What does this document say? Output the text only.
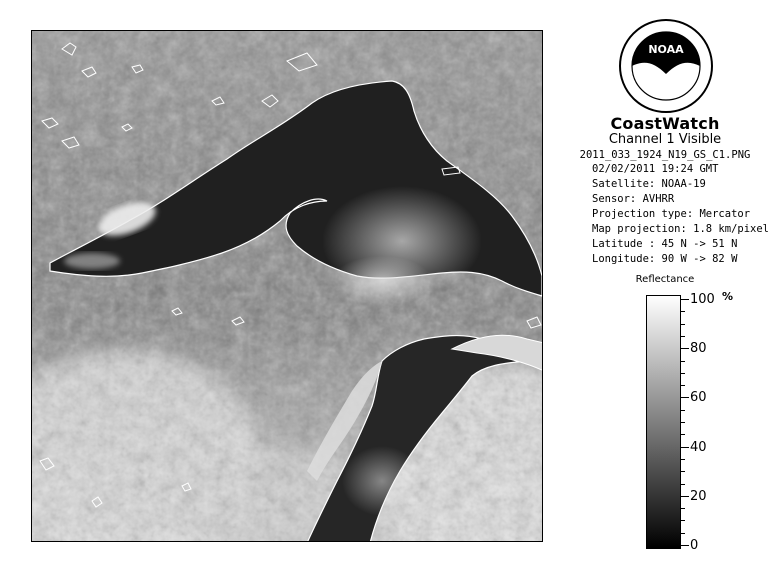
NOAA
CoastWatch
Channel 1 Visible
2011_033_1924_N19_GS_C1.PNG
02/02/2011 19:24 GMT
Satellite: NOAA-19
Sensor: AVHRR
Projection type: Mercator
Map projection: 1.8 km/pixel
Latitude : 45 N -> 51 N
Longitude: 90 W -> 82 W
Reflectance
%
100
80
60
40
20
0
